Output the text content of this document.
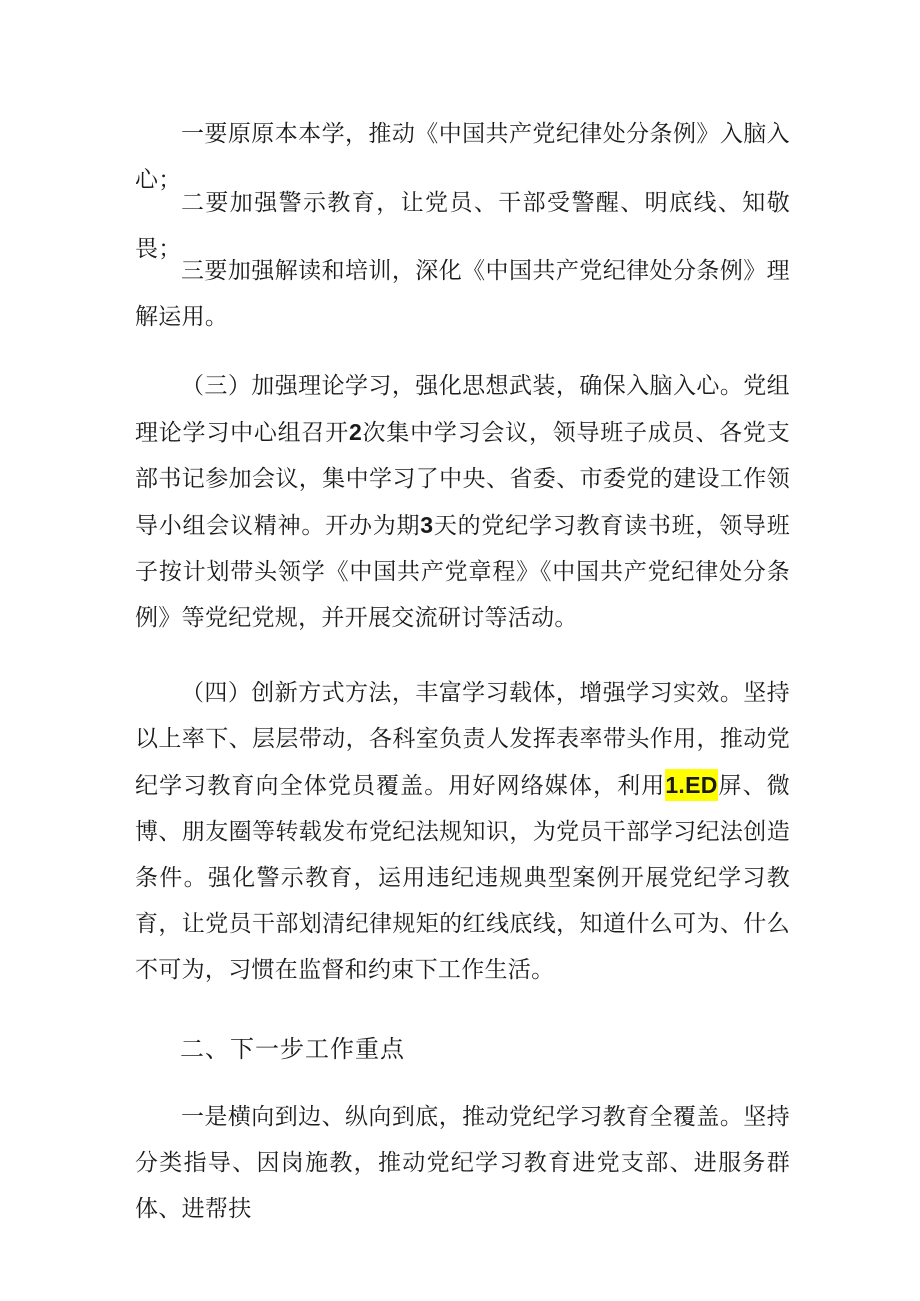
一要原原本本学，推动《中国共产党纪律处分条例》入脑入心；

二要加强警示教育，让党员、干部受警醒、明底线、知敬畏；

三要加强解读和培训，深化《中国共产党纪律处分条例》理解运用。

（三）加强理论学习，强化思想武装，确保入脑入心。党组理论学习中心组召开2次集中学习会议，领导班子成员、各党支部书记参加会议，集中学习了中央、省委、市委党的建设工作领导小组会议精神。开办为期3天的党纪学习教育读书班，领导班子按计划带头领学《中国共产党章程》《中国共产党纪律处分条例》等党纪党规，并开展交流研讨等活动。

（四）创新方式方法，丰富学习载体，增强学习实效。坚持以上率下、层层带动，各科室负责人发挥表率带头作用，推动党纪学习教育向全体党员覆盖。用好网络媒体，利用1.ED屏、微博、朋友圈等转载发布党纪法规知识，为党员干部学习纪法创造条件。强化警示教育，运用违纪违规典型案例开展党纪学习教育，让党员干部划清纪律规矩的红线底线，知道什么可为、什么不可为，习惯在监督和约束下工作生活。

二、下一步工作重点

一是横向到边、纵向到底，推动党纪学习教育全覆盖。坚持分类指导、因岗施教，推动党纪学习教育进党支部、进服务群体、进帮扶
